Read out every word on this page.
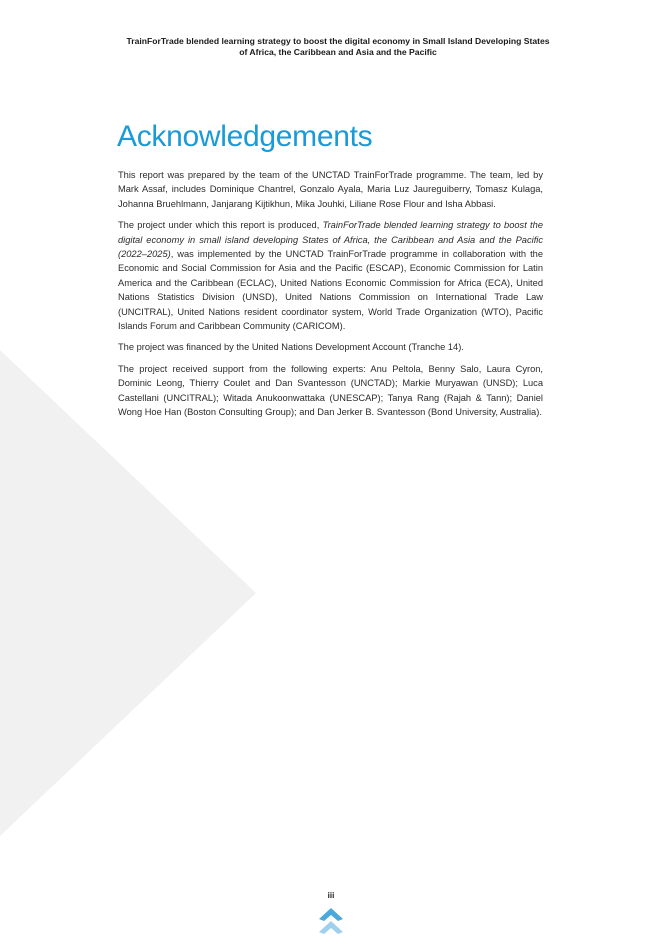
TrainForTrade blended learning strategy to boost the digital economy in Small Island Developing States
of Africa, the Caribbean and Asia and the Pacific
Acknowledgements

This report was prepared by the team of the UNCTAD TrainForTrade programme. The team, led by Mark Assaf, includes Dominique Chantrel, Gonzalo Ayala, Maria Luz Jaureguiberry, Tomasz Kulaga, Johanna Bruehlmann, Janjarang Kijtikhun, Mika Jouhki, Liliane Rose Flour and Isha Abbasi.

The project under which this report is produced, TrainForTrade blended learning strategy to boost the digital economy in small island developing States of Africa, the Caribbean and Asia and the Pacific (2022–2025), was implemented by the UNCTAD TrainForTrade programme in collaboration with the Economic and Social Commission for Asia and the Pacific (ESCAP), Economic Commission for Latin America and the Caribbean (ECLAC), United Nations Economic Commission for Africa (ECA), United Nations Statistics Division (UNSD), United Nations Commission on International Trade Law (UNCITRAL), United Nations resident coordinator system, World Trade Organization (WTO), Pacific Islands Forum and Caribbean Community (CARICOM).

The project was financed by the United Nations Development Account (Tranche 14).

The project received support from the following experts: Anu Peltola, Benny Salo, Laura Cyron, Dominic Leong, Thierry Coulet and Dan Svantesson (UNCTAD); Markie Muryawan (UNSD); Luca Castellani (UNCITRAL); Witada Anukoonwattaka (UNESCAP); Tanya Rang (Rajah & Tann); Daniel Wong Hoe Han (Boston Consulting Group); and Dan Jerker B. Svantesson (Bond University, Australia).

iii
